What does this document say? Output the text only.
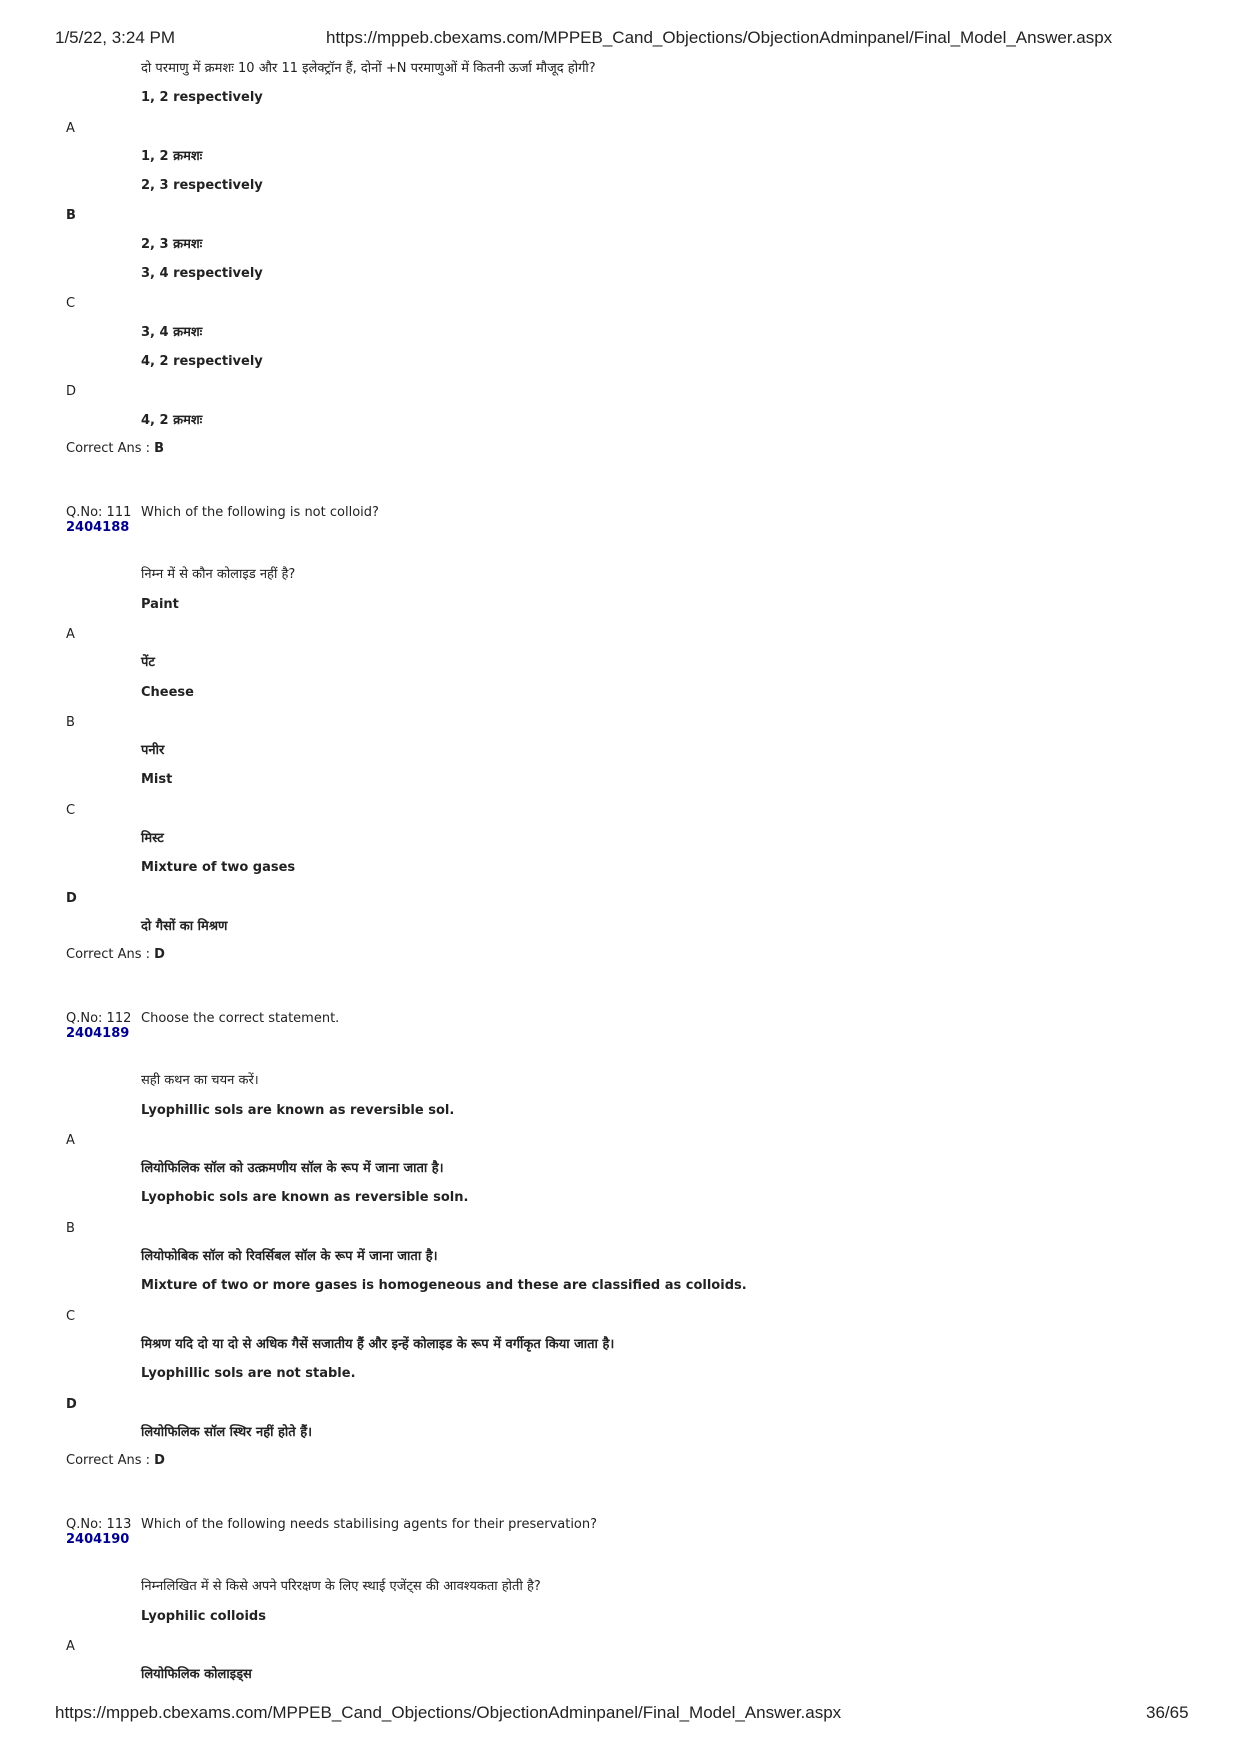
1/5/22, 3:24 PM	https://mppeb.cbexams.com/MPPEB_Cand_Objections/ObjectionAdminpanel/Final_Model_Answer.aspx
दो परमाणु में क्रमशः 10 और 11 इलेक्ट्रॉन हैं, दोनों +N परमाणुओं में कितनी ऊर्जा मौजूद होगी?
1, 2 respectively
A
1, 2 क्रमशः
2, 3 respectively
B
2, 3 क्रमशः
3, 4 respectively
C
3, 4 क्रमशः
4, 2 respectively
D
4, 2 क्रमशः
Correct Ans : B
Q.No: 111
2404188
Which of the following is not colloid?
निम्न में से कौन कोलाइड नहीं है?
Paint
A
पेंट
Cheese
B
पनीर
Mist
C
मिस्ट
Mixture of two gases
D
दो गैसों का मिश्रण
Correct Ans : D
Q.No: 112
2404189
Choose the correct statement.
सही कथन का चयन करें।
Lyophillic sols are known as reversible sol.
A
लियोफिलिक सॉल को उत्क्रमणीय सॉल के रूप में जाना जाता है।
Lyophobic sols are known as reversible soln.
B
लियोफोबिक सॉल को रिवर्सिबल सॉल के रूप में जाना जाता है।
Mixture of two or more gases is homogeneous and these are classified as colloids.
C
मिश्रण यदि दो या दो से अधिक गैसें सजातीय हैं और इन्हें कोलाइड के रूप में वर्गीकृत किया जाता है।
Lyophillic sols are not stable.
D
लियोफिलिक सॉल स्थिर नहीं होते हैं।
Correct Ans : D
Q.No: 113
2404190
Which of the following needs stabilising agents for their preservation?
निम्नलिखित में से किसे अपने परिरक्षण के लिए स्थाई एजेंट्स की आवश्यकता होती है?
Lyophilic colloids
A
लियोफिलिक कोलाइड्स
https://mppeb.cbexams.com/MPPEB_Cand_Objections/ObjectionAdminpanel/Final_Model_Answer.aspx	36/65
